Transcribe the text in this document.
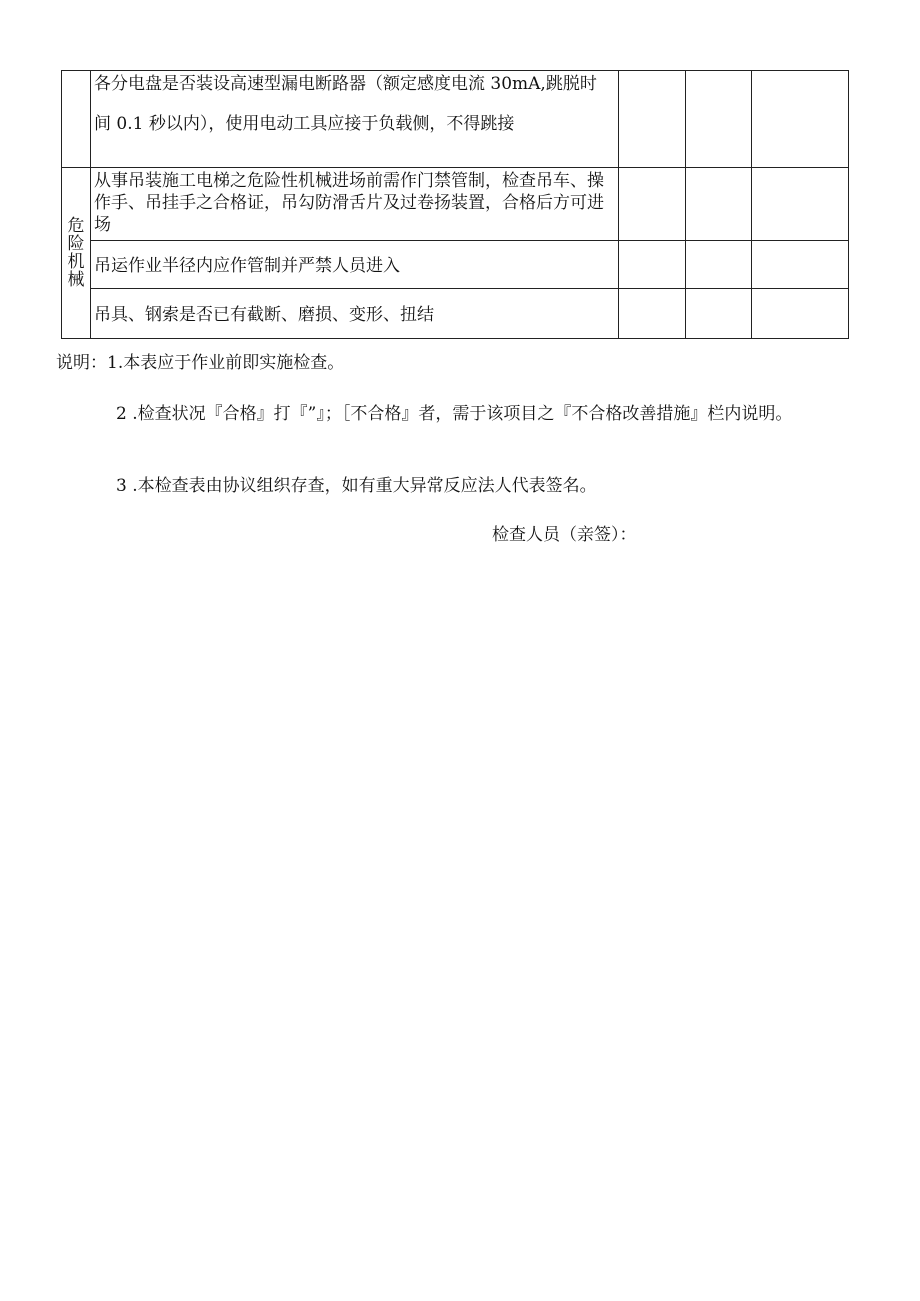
	各分电盘是否装设高速型漏电断路器（额定感度电流 30mA,跳脱时
间 0.1 秒以内），使用电动工具应接于负载侧，不得跳接			

危险机械	从事吊装施工电梯之危险性机械进场前需作门禁管制，检查吊车、操作手、吊挂手之合格证，吊勾防滑舌片及过卷扬装置，合格后方可进场			
	吊运作业半径内应作管制并严禁人员进入			
	吊具、钢索是否已有截断、磨损、变形、扭结			
说明：1.本表应于作业前即实施检查。
2 .检查状况『合格』打『”』；［不合格』者，需于该项目之『不合格改善措施』栏内说明。
3 .本检查表由协议组织存查，如有重大异常反应法人代表签名。
检查人员（亲签）：
